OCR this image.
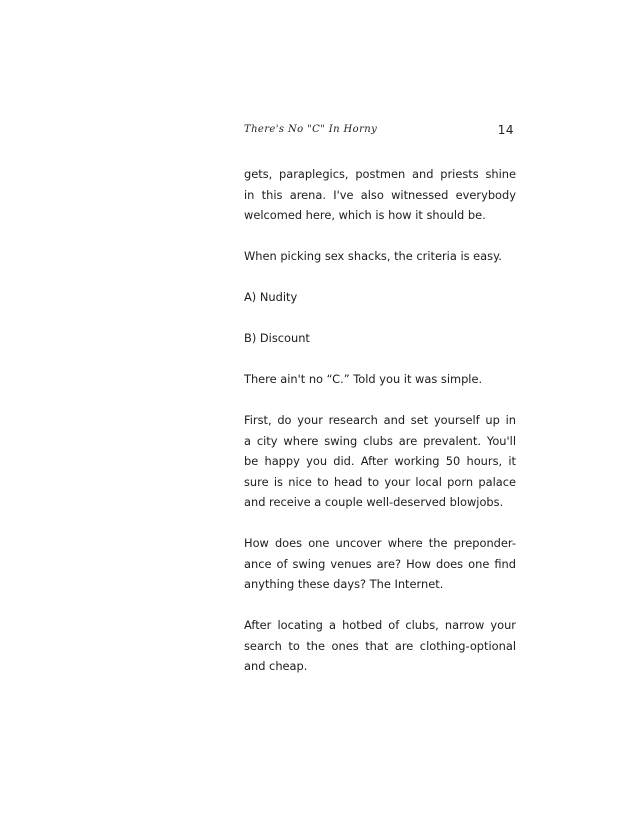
There's No "C" In Horny	14

gets, paraplegics, postmen and priests shine
in this arena. I've also witnessed everybody
welcomed here, which is how it should be.

When picking sex shacks, the criteria is easy.

A) Nudity

B) Discount

There ain't no “C.” Told you it was simple.

First, do your research and set yourself up in
a city where swing clubs are prevalent. You'll
be happy you did. After working 50 hours, it
sure is nice to head to your local porn palace
and receive a couple well-deserved blowjobs.

How does one uncover where the preponder-
ance of swing venues are? How does one find
anything these days? The Internet.

After locating a hotbed of clubs, narrow your
search to the ones that are clothing-optional
and cheap.
